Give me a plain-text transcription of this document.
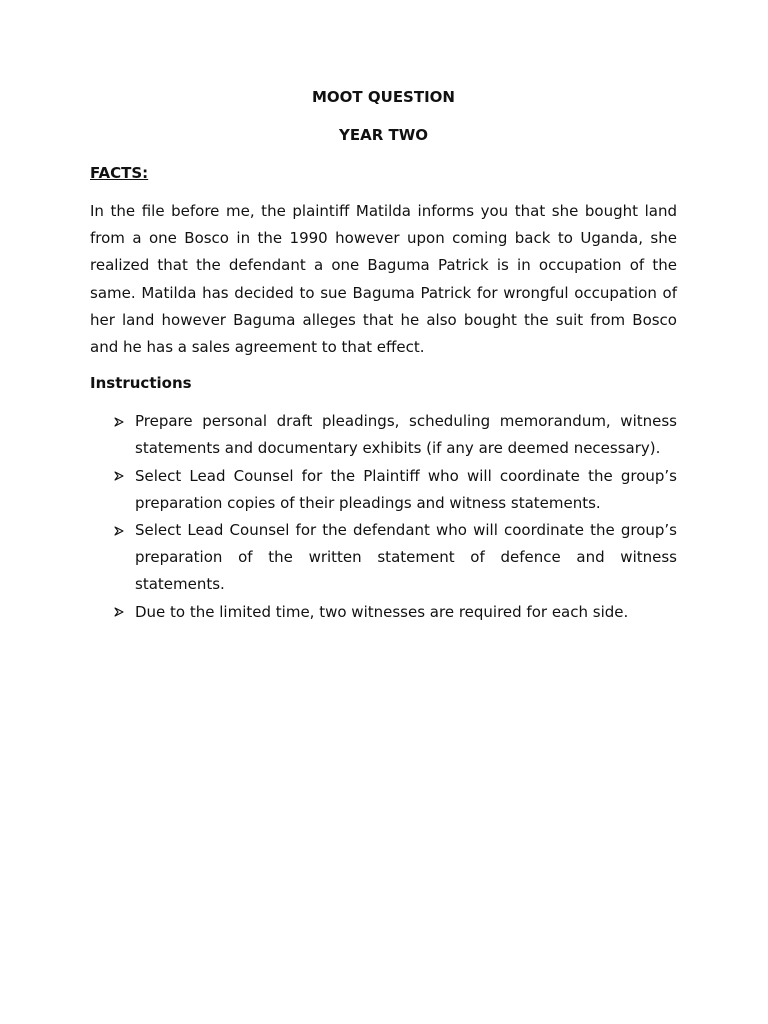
MOOT QUESTION

YEAR TWO

FACTS:

In the file before me, the plaintiff Matilda informs you that she bought land from a one Bosco in the 1990 however upon coming back to Uganda, she realized that the defendant a one Baguma Patrick is in occupation of the same. Matilda has decided to sue Baguma Patrick for wrongful occupation of her land however Baguma alleges that he also bought the suit from Bosco and he has a sales agreement to that effect.

Instructions

Prepare personal draft pleadings, scheduling memorandum, witness statements and documentary exhibits (if any are deemed necessary).
Select Lead Counsel for the Plaintiff who will coordinate the group’s preparation copies of their pleadings and witness statements.
Select Lead Counsel for the defendant who will coordinate the group’s preparation of the written statement of defence and witness statements.
Due to the limited time, two witnesses are required for each side.
